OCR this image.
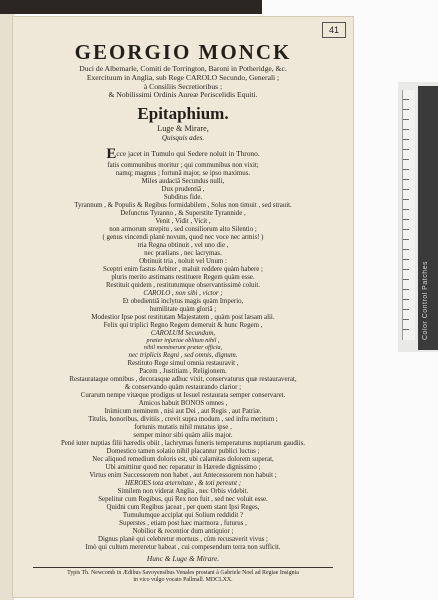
Color Control Patches
41
GEORGIO MONCK
Duci de Albemarle, Comiti de Torrington, Baroni in Potheridge, &c.
Exercituum in Anglia, sub Rege CAROLO Secundo, Generali ;
à Consiliis Secretioribus ;
& Nobilissimi Ordinis Aureæ Periscelidis Equiti.
Epitaphium.
Luge & Mirare,
Quisquis ades.
Ecce jacet in Tumulo qui Sedere noluit in Throno.
fatis communibus moritur ; qui communibus non vixit;
namq; magnus ; fortunâ major, se ipso maximus.
Miles audaciâ Secundus nulli,
Dux prudentiâ ,
Subditus fide.
Tyrannum , & Populis & Regibus formidabilem , Solus non timuit , sed strauit.
Defunctus Tyranno , & Superstite Tyrannide ,
Venit , Vidit , Vicit ,
non armorum strepitu , sed consiliorum alto Silentio ;
( genus vincendi planè novum, quod nec voce nec armis! )
tria Regna obtinuit , vel uno die ,
nec prælians , nec lacrymas.
Obtinuit tria , noluit vel Unum :
Sceptri enim fastus Arbiter , maluit reddere quàm habere ;
pluris merito æstimans restituere Regem quàm esse.
Restituit quidem , restitutumque observantissimè coluit.
CAROLO , non sibi , victor ;
Et obedientiâ inclytus magis quàm Imperio,
humilitate quàm gloriâ ;
Modestior Ipse post restitutam Majestatem , quàm post læsam alii.
Felix qui triplici Regno Regem demeruit & hunc Regem ,
CAROLUM Secundum,
præter injuriae oblitum nihil ,
nihil meminerunt præter officia,
nec triplicis Regni , sed omnis, dignum.
Restituto Rege simul omnia restauravit ,
Pacem , Justitiam , Religionem.
Restaurataque omnibus , decorasque adhuc vixit, conservaturus quæ restauraverat,
& conservando quàm restaurando clarior ;
Curarum nempe vitæque prodigus ut Iesuel restaurata semper conservaret.
Amicos habuit BONOS omnes ,
Inimicum neminem , nisi aut Dei , aut Regis , aut Patriæ.
Titulis, honoribus, divitiis , crevit supra modum , sed infra meritum ;
fortunis mutatis nihil mutatus ipse ,
semper minor sibi quàm aliis major.
Pené iuter nuptias filii hæredis obiit , lachrymas funeris temperaturus nuptiarum gaudiis.
Domestico tamen solatio nihil placantur publici luctus ;
Nec aliquod remedium doloris est, ubi calamitas dolorem superat,
Ubi amittitur quod nec reparatur in Hærede dignissimo ;
Virtus enim Successorem non habet , aut Antecessorem non habuit ;
HEROES tota æternitate , & toti pereunt ;
Similem non viderat Anglia , nec Orbis videbit.
Sepelitur cum Regibus, qui Rex non fuit , sed nec voluit esse.
Quidni cum Regibus jaceat , per quem stant Ipsi Reges,
Tumulumque acciplat qui Solium reddidit ?
Superstes , etiam post hæc marmora , futurus ,
Nobilior & recentior dum antiquior ;
Dignus planè qui celebretur mortuus , cùm recusaverit vivus ;
Imò qui cultum mereretur habeat , cui compesendum terra non sufficit.
Hunc & Luge & Mirare.
Typis Th. Newcomb in Ædibus Savoyensibus Venales prostant à Gabriele Noel ad Regiae Insignia
in vico vulgo vocato Pallmall. MDCLXX.
